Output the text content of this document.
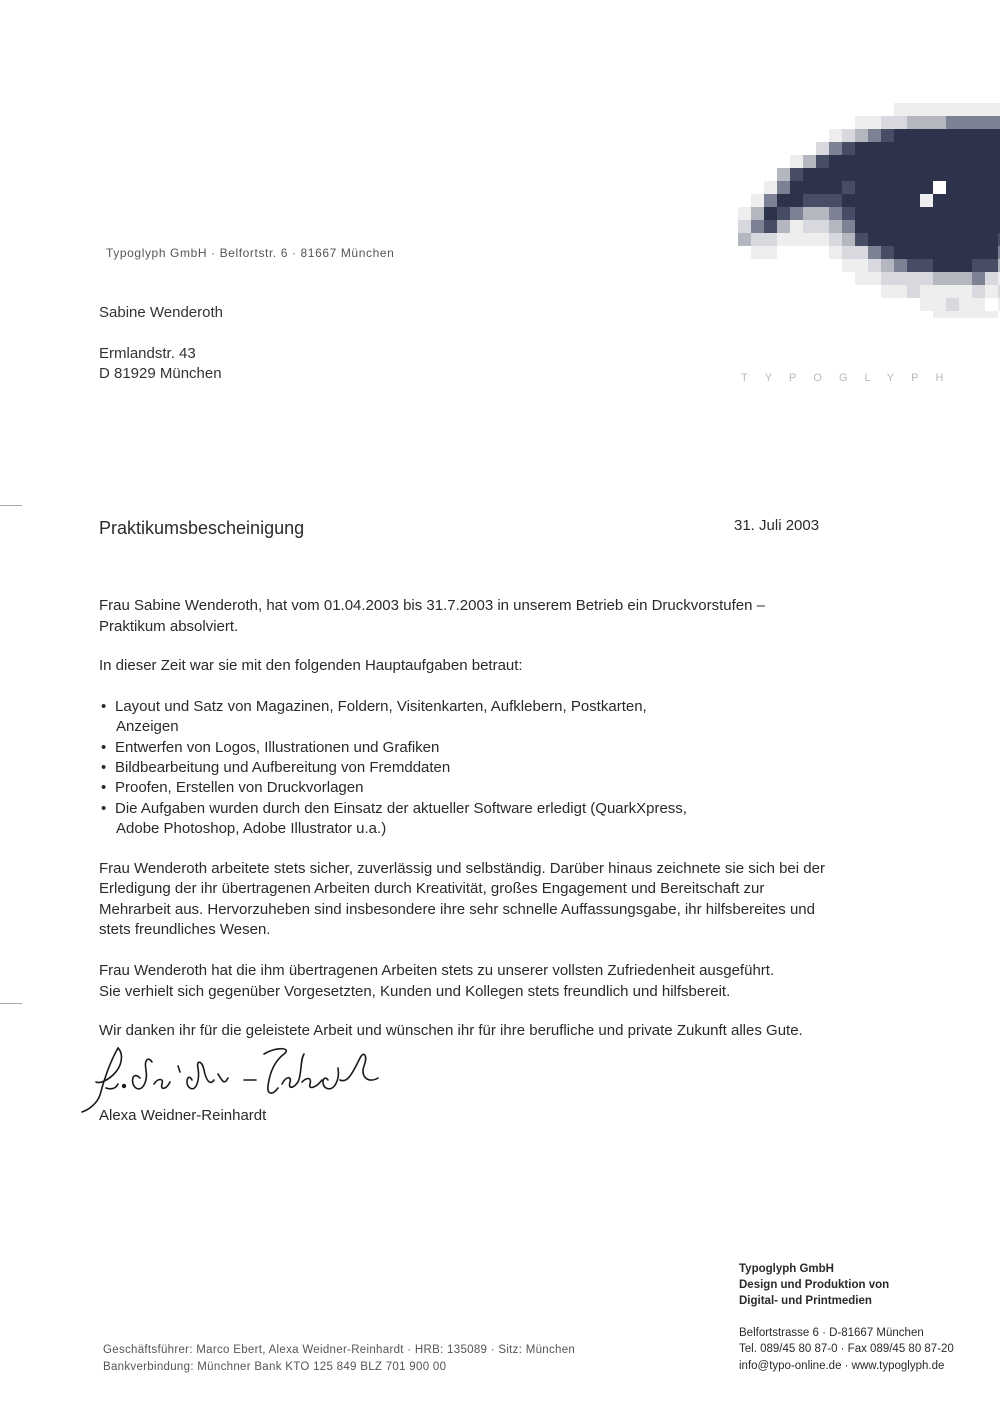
TYPOGLYPH
Typoglyph GmbH · Belfortstr. 6 · 81667 München
Sabine Wenderoth
Ermlandstr. 43
D 81929 München
Praktikumsbescheinigung	31. Juli 2003
Frau Sabine Wenderoth, hat vom 01.04.2003 bis 31.7.2003 in unserem Betrieb ein Druckvorstufen –
Praktikum absolviert.
In dieser Zeit war sie mit den folgenden Hauptaufgaben betraut:
• Layout und Satz von Magazinen, Foldern, Visitenkarten, Aufklebern, Postkarten,
Anzeigen
• Entwerfen von Logos, Illustrationen und Grafiken
• Bildbearbeitung und Aufbereitung von Fremddaten
• Proofen, Erstellen von Druckvorlagen
• Die Aufgaben wurden durch den Einsatz der aktueller Software erledigt (QuarkXpress,
Adobe Photoshop, Adobe Illustrator u.a.)
Frau Wenderoth arbeitete stets sicher, zuverlässig und selbständig. Darüber hinaus zeichnete sie sich bei der
Erledigung der ihr übertragenen Arbeiten durch Kreativität, großes Engagement und Bereitschaft zur
Mehrarbeit aus. Hervorzuheben sind insbesondere ihre sehr schnelle Auffassungsgabe, ihr hilfsbereites und
stets freundliches Wesen.
Frau Wenderoth hat die ihm übertragenen Arbeiten stets zu unserer vollsten Zufriedenheit ausgeführt.
Sie verhielt sich gegenüber Vorgesetzten, Kunden und Kollegen stets freundlich und hilfsbereit.
Wir danken ihr für die geleistete Arbeit und wünschen ihr für ihre berufliche und private Zukunft alles Gute.
Alexa Weidner-Reinhardt
Typoglyph GmbH
Design und Produktion von
Digital- und Printmedien
Belfortstrasse 6 · D-81667 München
Tel. 089/45 80 87-0 · Fax 089/45 80 87-20
info@typo-online.de · www.typoglyph.de
Geschäftsführer: Marco Ebert, Alexa Weidner-Reinhardt · HRB: 135089 · Sitz: München
Bankverbindung: Münchner Bank KTO 125 849 BLZ 701 900 00
